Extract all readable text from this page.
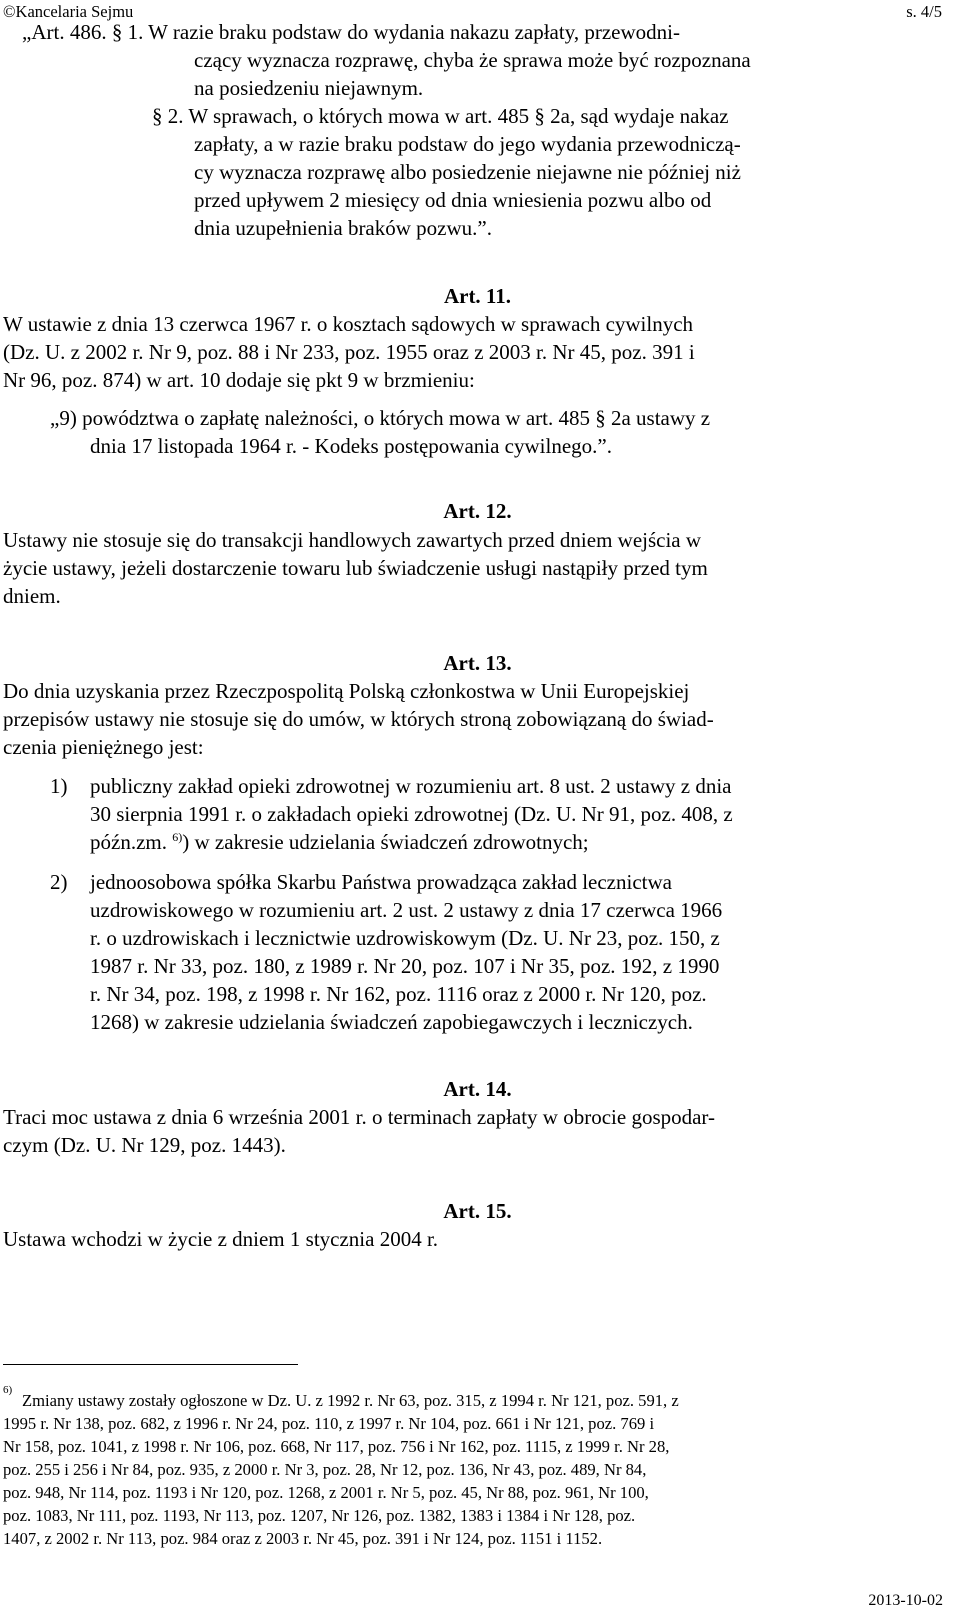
©Kancelaria Sejmu	s. 4/5
„Art. 486. § 1. W razie braku podstaw do wydania nakazu zapłaty, przewodni-
czący wyznacza rozprawę, chyba że sprawa może być rozpoznana
na posiedzeniu niejawnym.
§ 2. W sprawach, o których mowa w art. 485 § 2a, sąd wydaje nakaz
zapłaty, a w razie braku podstaw do jego wydania przewodniczą-
cy wyznacza rozprawę albo posiedzenie niejawne nie później niż
przed upływem 2 miesięcy od dnia wniesienia pozwu albo od
dnia uzupełnienia braków pozwu.”.
Art. 11.
W ustawie z dnia 13 czerwca 1967 r. o kosztach sądowych w sprawach cywilnych
(Dz. U. z 2002 r. Nr 9, poz. 88 i Nr 233, poz. 1955 oraz z 2003 r. Nr 45, poz. 391 i
Nr 96, poz. 874) w art. 10 dodaje się pkt 9 w brzmieniu:
„9) powództwa o zapłatę należności, o których mowa w art. 485 § 2a ustawy z
dnia 17 listopada 1964 r. - Kodeks postępowania cywilnego.”.
Art. 12.
Ustawy nie stosuje się do transakcji handlowych zawartych przed dniem wejścia w
życie ustawy, jeżeli dostarczenie towaru lub świadczenie usługi nastąpiły przed tym
dniem.
Art. 13.
Do dnia uzyskania przez Rzeczpospolitą Polską członkostwa w Unii Europejskiej
przepisów ustawy nie stosuje się do umów, w których stroną zobowiązaną do świad-
czenia pieniężnego jest:
1) publiczny zakład opieki zdrowotnej w rozumieniu art. 8 ust. 2 ustawy z dnia
30 sierpnia 1991 r. o zakładach opieki zdrowotnej (Dz. U. Nr 91, poz. 408, z
późn.zm. $^{6)}$) w zakresie udzielania świadczeń zdrowotnych;
2) jednoosobowa spółka Skarbu Państwa prowadząca zakład lecznictwa
uzdrowiskowego w rozumieniu art. 2 ust. 2 ustawy z dnia 17 czerwca 1966
r. o uzdrowiskach i lecznictwie uzdrowiskowym (Dz. U. Nr 23, poz. 150, z
1987 r. Nr 33, poz. 180, z 1989 r. Nr 20, poz. 107 i Nr 35, poz. 192, z 1990
r. Nr 34, poz. 198, z 1998 r. Nr 162, poz. 1116 oraz z 2000 r. Nr 120, poz.
1268) w zakresie udzielania świadczeń zapobiegawczych i leczniczych.
Art. 14.
Traci moc ustawa z dnia 6 września 2001 r. o terminach zapłaty w obrocie gospodar-
czym (Dz. U. Nr 129, poz. 1443).
Art. 15.
Ustawa wchodzi w życie z dniem 1 stycznia 2004 r.
6)
Zmiany ustawy zostały ogłoszone w Dz. U. z 1992 r. Nr 63, poz. 315, z 1994 r. Nr 121, poz. 591, z
1995 r. Nr 138, poz. 682, z 1996 r. Nr 24, poz. 110, z 1997 r. Nr 104, poz. 661 i Nr 121, poz. 769 i
Nr 158, poz. 1041, z 1998 r. Nr 106, poz. 668, Nr 117, poz. 756 i Nr 162, poz. 1115, z 1999 r. Nr 28,
poz. 255 i 256 i Nr 84, poz. 935, z 2000 r. Nr 3, poz. 28, Nr 12, poz. 136, Nr 43, poz. 489, Nr 84,
poz. 948, Nr 114, poz. 1193 i Nr 120, poz. 1268, z 2001 r. Nr 5, poz. 45, Nr 88, poz. 961, Nr 100,
poz. 1083, Nr 111, poz. 1193, Nr 113, poz. 1207, Nr 126, poz. 1382, 1383 i 1384 i Nr 128, poz.
1407, z 2002 r. Nr 113, poz. 984 oraz z 2003 r. Nr 45, poz. 391 i Nr 124, poz. 1151 i 1152.
2013-10-02
